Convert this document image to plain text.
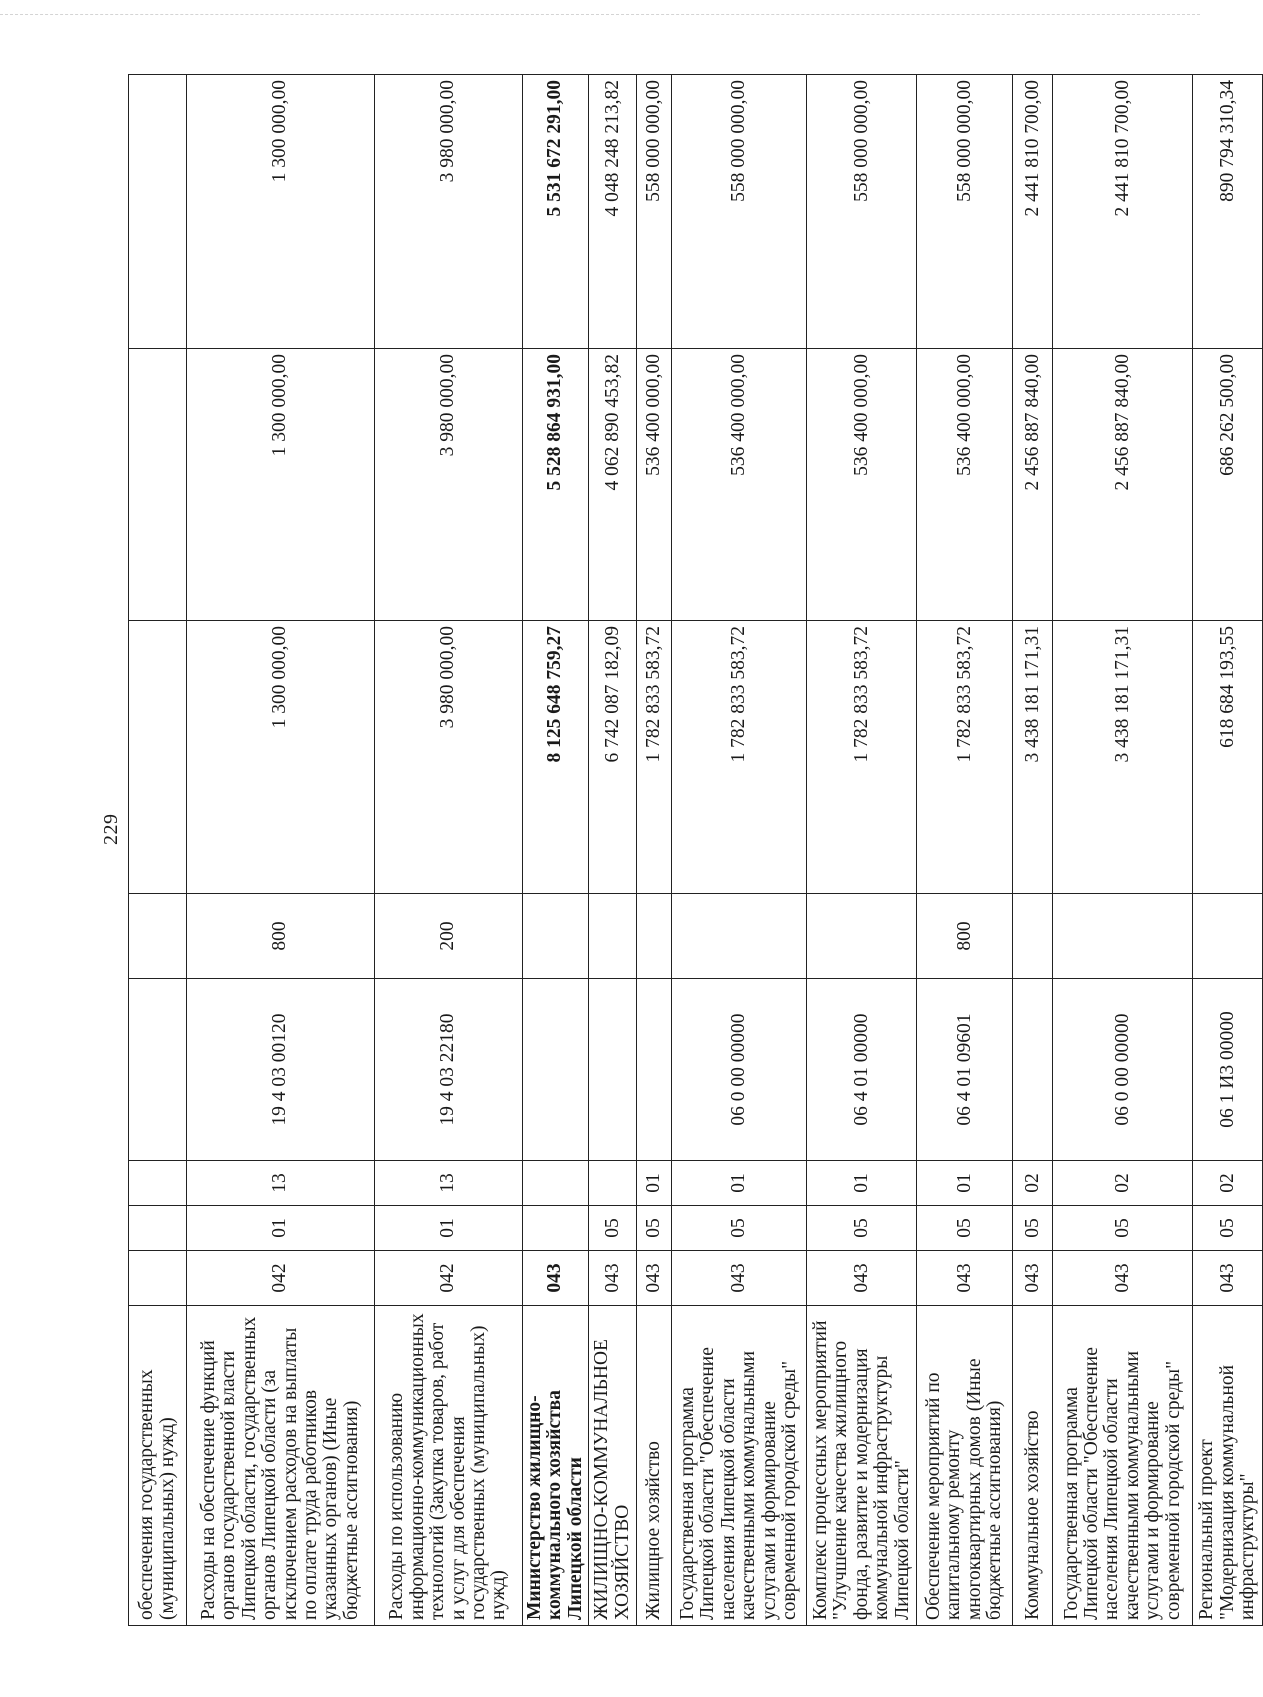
229
обеспечения государственных (муниципальных) нужд)								
Расходы на обеспечение функций органов государственной власти Липецкой области, государственных органов Липецкой области (за исключением расходов на выплаты по оплате труда работников указанных органов) (Иные бюджетные ассигнования)	042	01	13	19 4 03 00120	800	1 300 000,00	1 300 000,00	1 300 000,00
Расходы по использованию информационно-коммуникационных технологий (Закупка товаров, работ и услуг для обеспечения государственных (муниципальных) нужд)	042	01	13	19 4 03 22180	200	3 980 000,00	3 980 000,00	3 980 000,00
Министерство жилищно-коммунального хозяйства Липецкой области	043					8 125 648 759,27	5 528 864 931,00	5 531 672 291,00
ЖИЛИЩНО-КОММУНАЛЬНОЕ ХОЗЯЙСТВО	043	05				6 742 087 182,09	4 062 890 453,82	4 048 248 213,82
Жилищное хозяйство	043	05	01			1 782 833 583,72	536 400 000,00	558 000 000,00
Государственная программа Липецкой области "Обеспечение населения Липецкой области качественными коммунальными услугами и формирование современной городской среды"	043	05	01	06 0 00 00000		1 782 833 583,72	536 400 000,00	558 000 000,00
Комплекс процессных мероприятий "Улучшение качества жилищного фонда, развитие и модернизация коммунальной инфраструктуры Липецкой области"	043	05	01	06 4 01 00000		1 782 833 583,72	536 400 000,00	558 000 000,00
Обеспечение мероприятий по капитальному ремонту многоквартирных домов (Иные бюджетные ассигнования)	043	05	01	06 4 01 09601	800	1 782 833 583,72	536 400 000,00	558 000 000,00
Коммунальное хозяйство	043	05	02			3 438 181 171,31	2 456 887 840,00	2 441 810 700,00
Государственная программа Липецкой области "Обеспечение населения Липецкой области качественными коммунальными услугами и формирование современной городской среды"	043	05	02	06 0 00 00000		3 438 181 171,31	2 456 887 840,00	2 441 810 700,00
Региональный проект "Модернизация коммунальной инфраструктуры"	043	05	02	06 1 И3 00000		618 684 193,55	686 262 500,00	890 794 310,34
